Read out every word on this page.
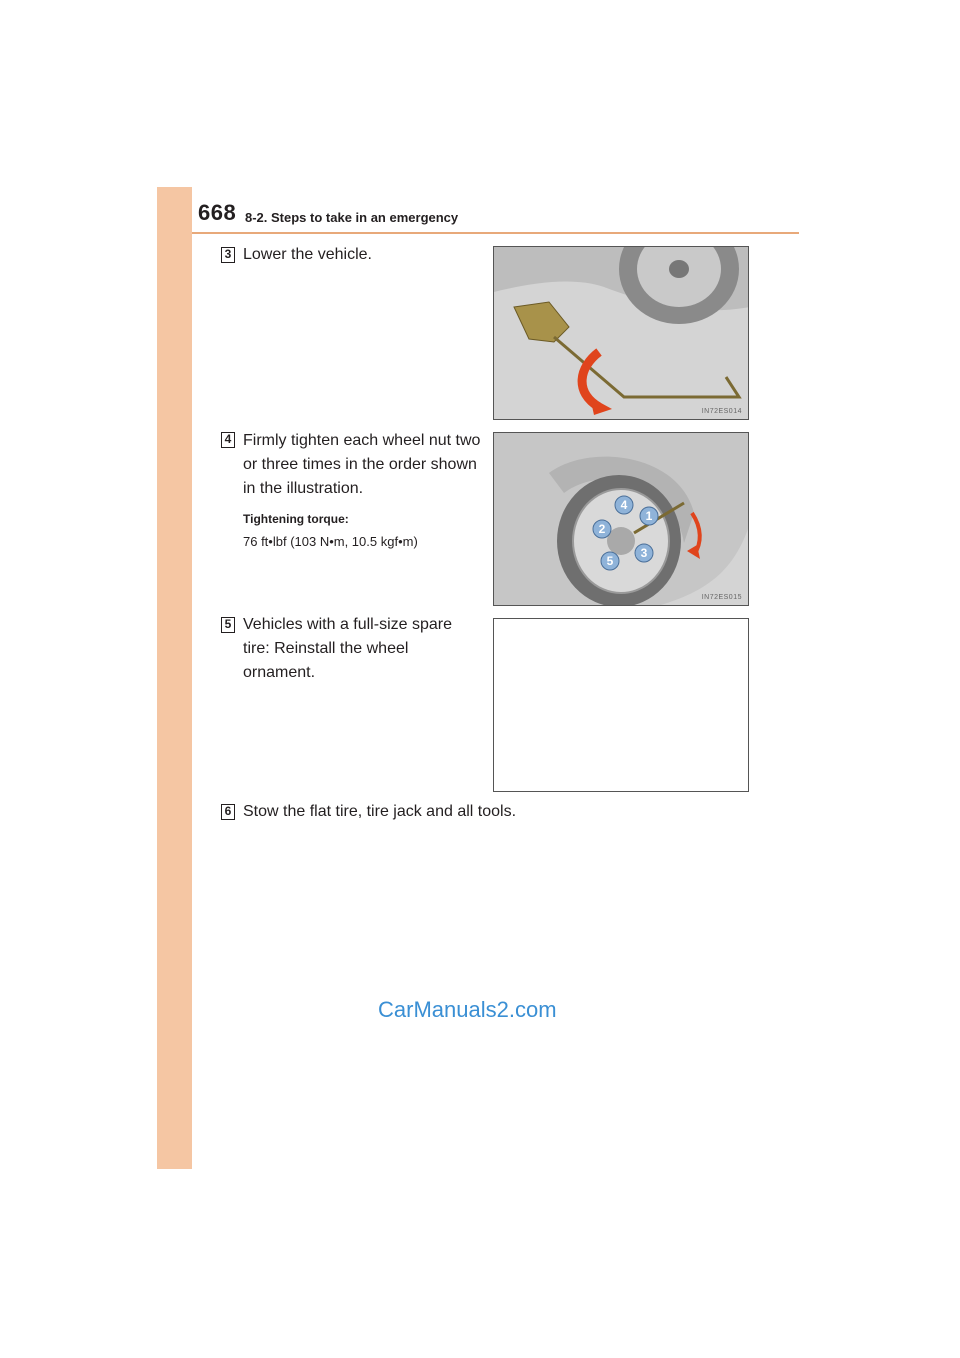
668 8-2. Steps to take in an emergency
3 Lower the vehicle.
IN72ES014
4 Firmly tighten each wheel nut two or three times in the order shown in the illustration.
Tightening torque:
76 ft•lbf (103 N•m, 10.5 kgf•m)
1
2
3
4
5
IN72ES015
5 Vehicles with a full-size spare tire: Reinstall the wheel ornament.
6 Stow the flat tire, tire jack and all tools.
CarManuals2.com
